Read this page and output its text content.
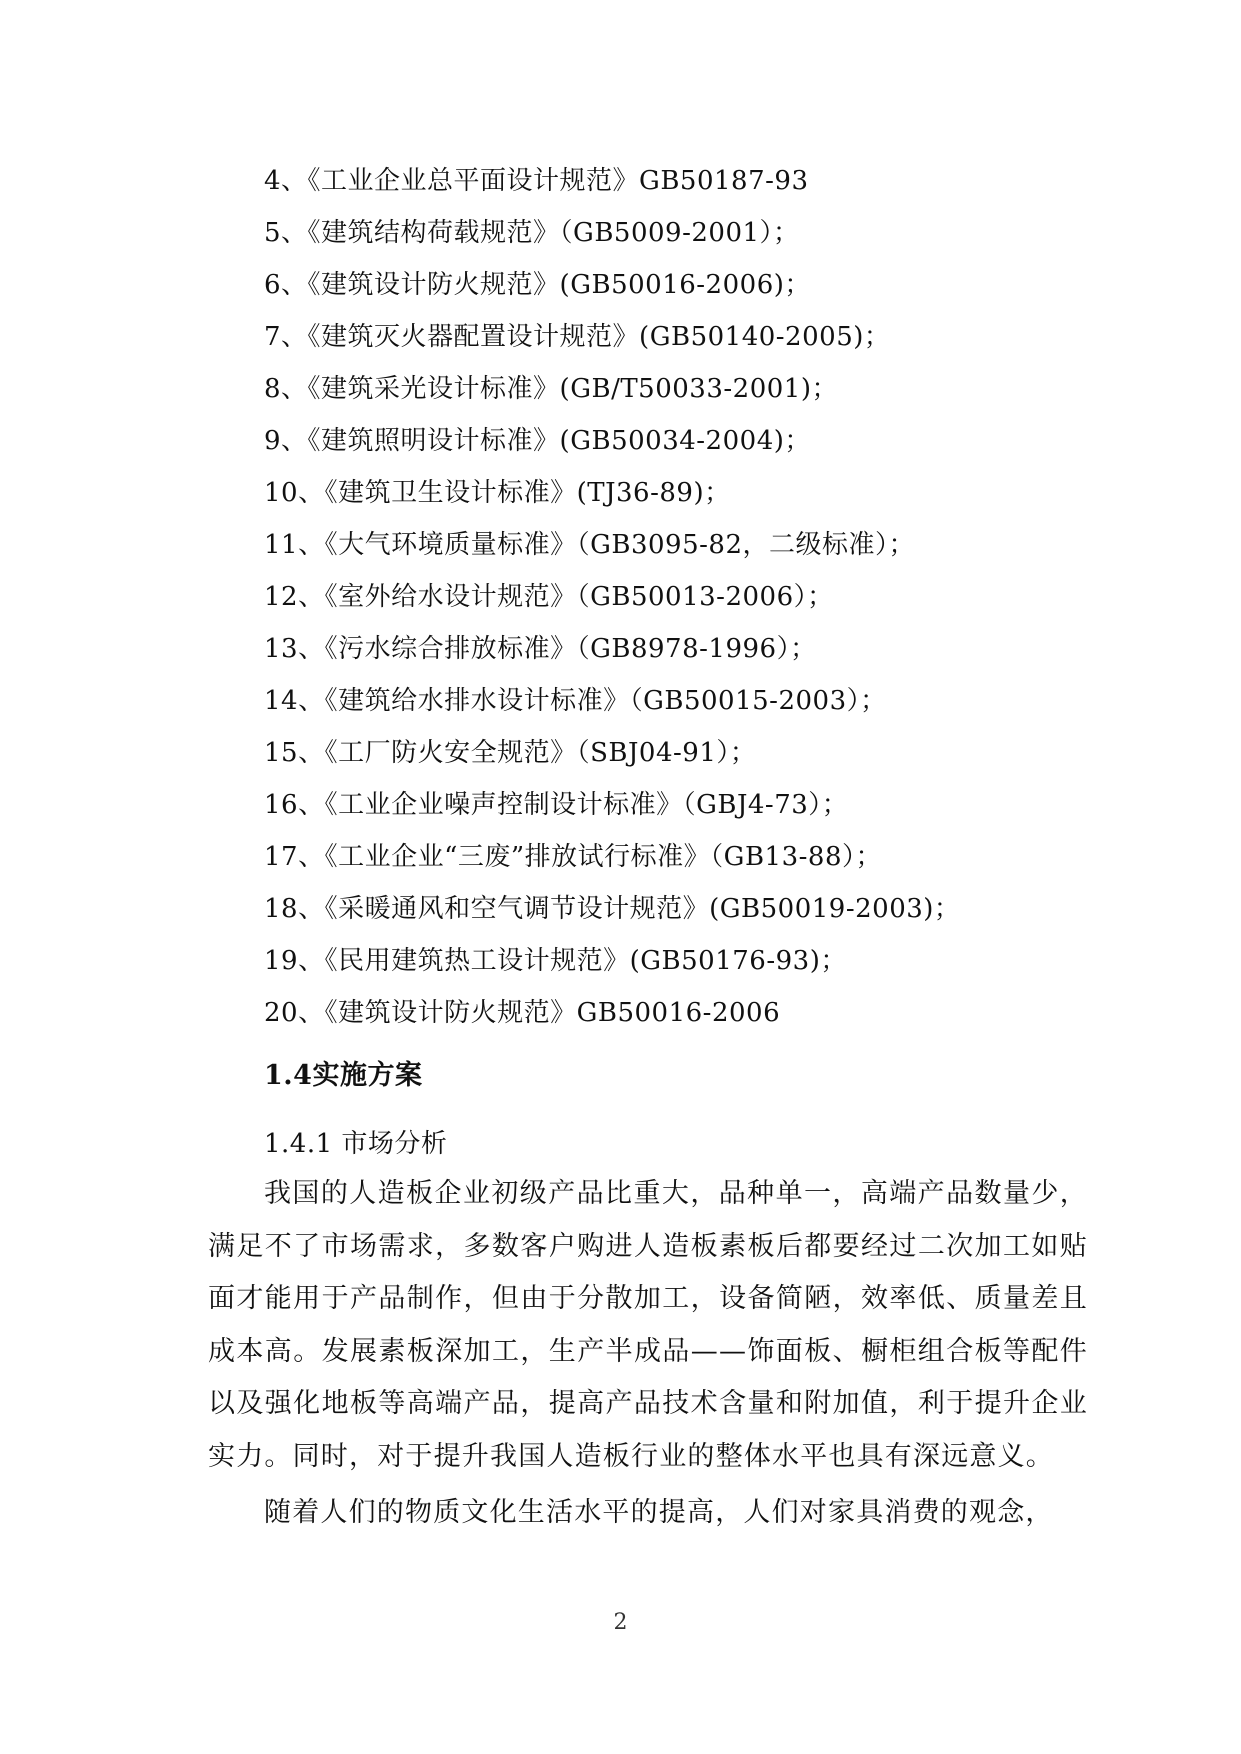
4、《工业企业总平面设计规范》GB50187-93
5、《建筑结构荷载规范》（GB5009-2001）；
6、《建筑设计防火规范》(GB50016-2006)；
7、《建筑灭火器配置设计规范》(GB50140-2005)；
8、《建筑采光设计标准》(GB/T50033-2001)；
9、《建筑照明设计标准》(GB50034-2004)；
10、《建筑卫生设计标准》(TJ36-89)；
11、《大气环境质量标准》（GB3095-82，二级标准）；
12、《室外给水设计规范》（GB50013-2006）；
13、《污水综合排放标准》（GB8978-1996）；
14、《建筑给水排水设计标准》（GB50015-2003）；
15、《工厂防火安全规范》（SBJ04-91）；
16、《工业企业噪声控制设计标准》（GBJ4-73）；
17、《工业企业“三废”排放试行标准》（GB13-88）；
18、《采暖通风和空气调节设计规范》(GB50019-2003)；
19、《民用建筑热工设计规范》(GB50176-93)；
20、《建筑设计防火规范》GB50016-2006
1.4实施方案
1.4.1 市场分析

我国的人造板企业初级产品比重大，品种单一，高端产品数量少，满足不了市场需求，多数客户购进人造板素板后都要经过二次加工如贴面才能用于产品制作，但由于分散加工，设备简陋，效率低、质量差且成本高。发展素板深加工，生产半成品——饰面板、橱柜组合板等配件以及强化地板等高端产品，提高产品技术含量和附加值，利于提升企业实力。同时，对于提升我国人造板行业的整体水平也具有深远意义。

随着人们的物质文化生活水平的提高，人们对家具消费的观念，

2
